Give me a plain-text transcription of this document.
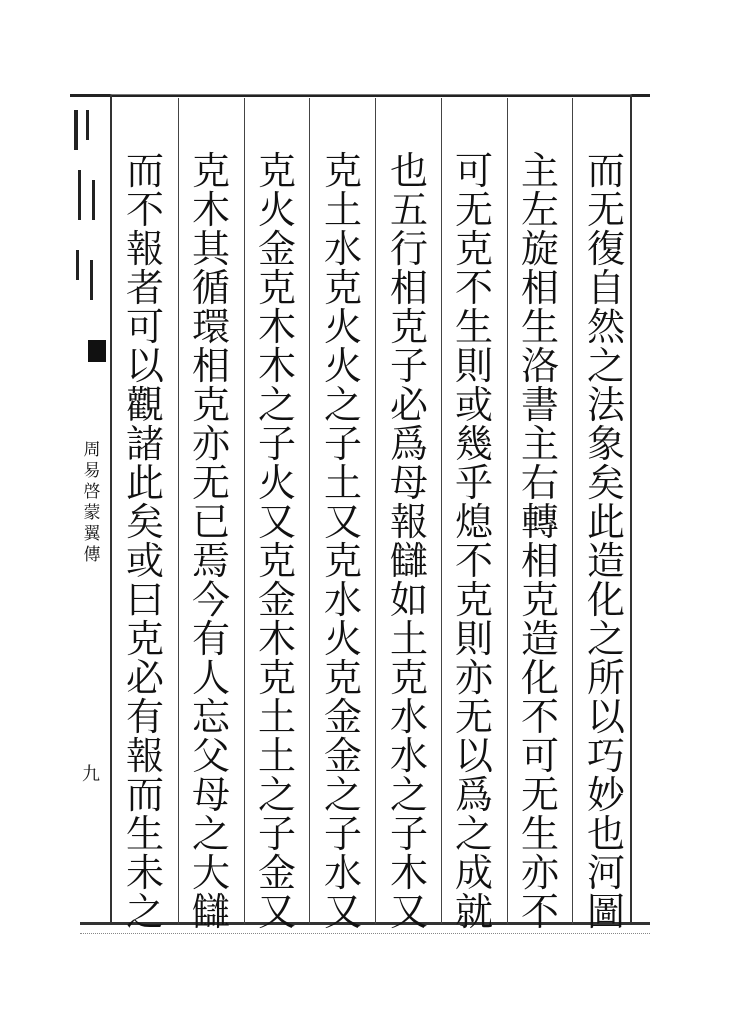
周
易
啓
蒙
翼
傳
九
而
无
復
自
然
之
法
象
矣
此
造
化
之
所
以
巧
妙
也
河
圖
主
左
旋
相
生
洛
書
主
右
轉
相
克
造
化
不
可
无
生
亦
不
可
无
克
不
生
則
或
幾
乎
熄
不
克
則
亦
无
以
爲
之
成
就
也
五
行
相
克
子
必
爲
母
報
讎
如
土
克
水
水
之
子
木
又
克
土
水
克
火
火
之
子
土
又
克
水
火
克
金
金
之
子
水
又
克
火
金
克
木
木
之
子
火
又
克
金
木
克
土
土
之
子
金
又
克
木
其
循
環
相
克
亦
无
已
焉
今
有
人
忘
父
母
之
大
讎
而
不
報
者
可
以
觀
諸
此
矣
或
曰
克
必
有
報
而
生
未
之
